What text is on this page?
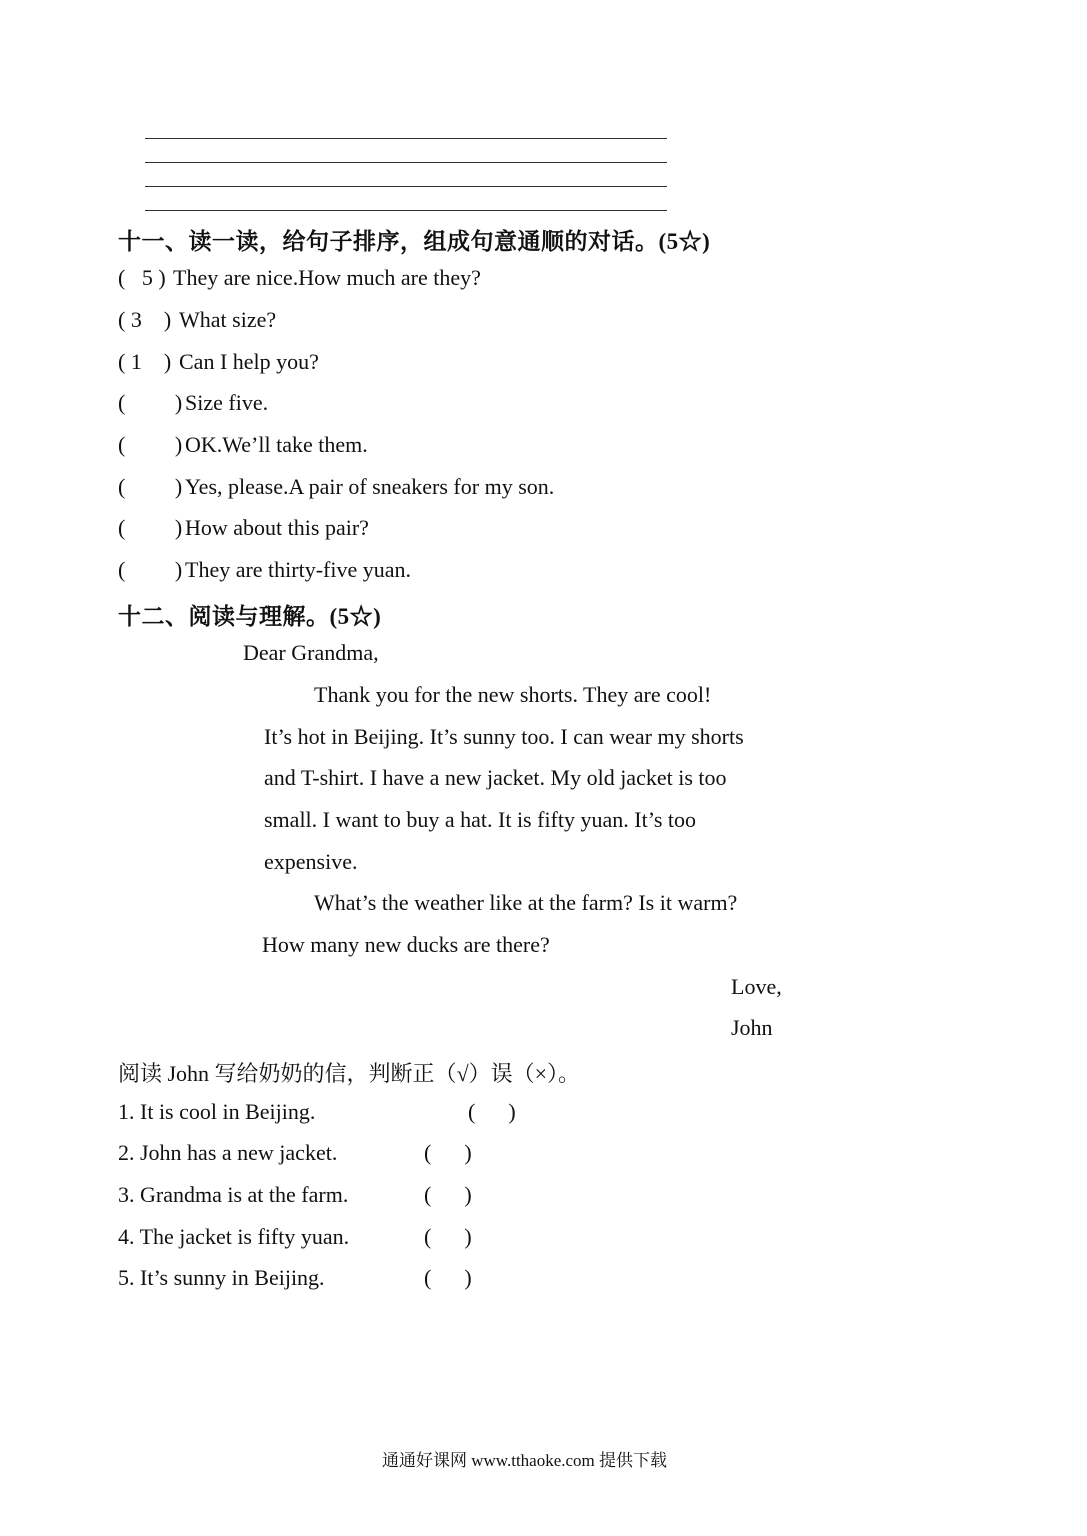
十一、读一读，给句子排序，组成句意通顺的对话。(5☆)
(   5 ) They are nice.How much are they?
( 3    ) What size?
( 1    ) Can I help you?
(         ) Size five.
(         ) OK.We’ll take them.
(         ) Yes, please.A pair of sneakers for my son.
(         ) How about this pair?
(         ) They are thirty-five yuan.
十二、阅读与理解。(5☆)
Dear Grandma,
Thank you for the new shorts. They are cool!
It’s hot in Beijing. It’s sunny too. I can wear my shorts
and T-shirt. I have a new jacket. My old jacket is too
small. I want to buy a hat. It is fifty yuan. It’s too
expensive.
What’s the weather like at the farm? Is it warm?
How many new ducks are there?
Love,
John
阅读 John 写给奶奶的信，判断正（√）误（×）。
1. It is cool in Beijing.	(      )
2. John has a new jacket.	(      )
3. Grandma is at the farm.	(      )
4. The jacket is fifty yuan.	(      )
5. It’s sunny in Beijing.	(      )
通通好课网 www.tthaoke.com 提供下载
